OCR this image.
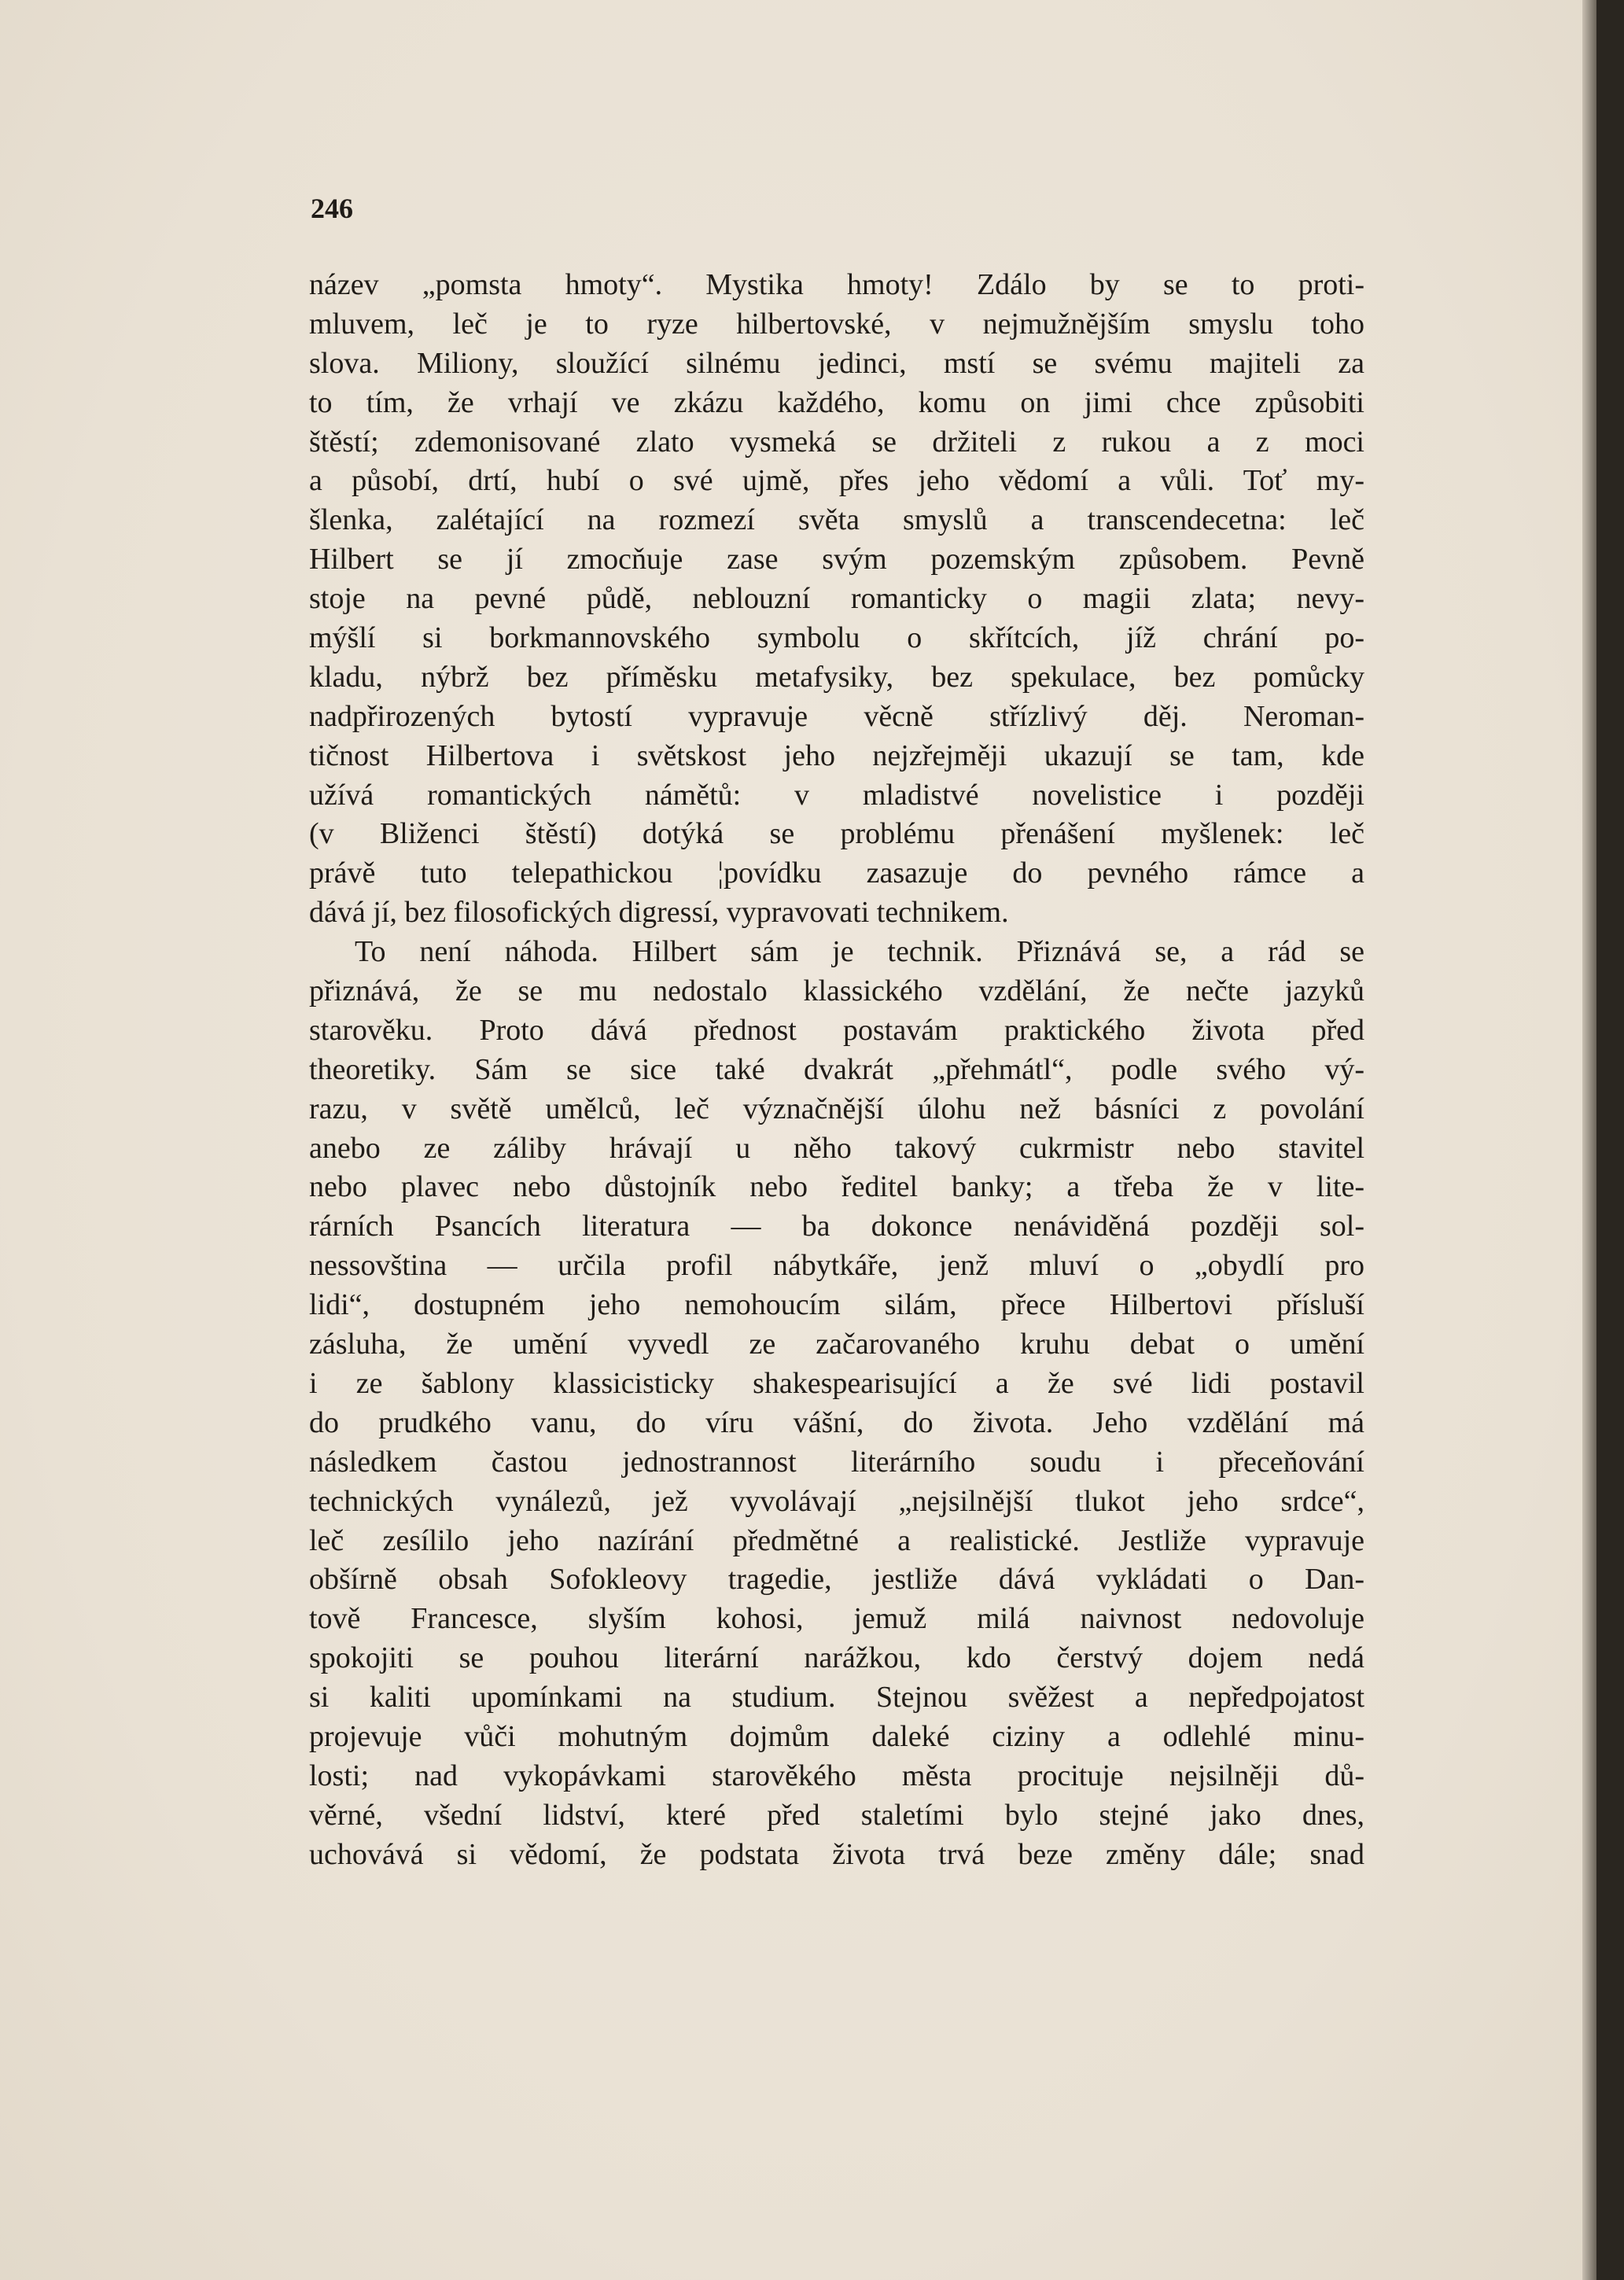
246

název „pomsta hmoty“. Mystika hmoty! Zdálo by se to proti-
mluvem, leč je to ryze hilbertovské, v nejmužnějším smyslu toho
slova. Miliony, sloužící silnému jedinci, mstí se svému majiteli za
to tím, že vrhají ve zkázu každého, komu on jimi chce způsobiti
štěstí; zdemonisované zlato vysmeká se držiteli z rukou a z moci
a působí, drtí, hubí o své ujmě, přes jeho vědomí a vůli. Toť my-
šlenka, zalétající na rozmezí světa smyslů a transcendecetna: leč
Hilbert se jí zmocňuje zase svým pozemským způsobem. Pevně
stoje na pevné půdě, neblouzní romanticky o magii zlata; nevy-
mýšlí si borkmannovského symbolu o skřítcích, jíž chrání po-
kladu, nýbrž bez příměsku metafysiky, bez spekulace, bez pomůcky
nadpřirozených bytostí vypravuje věcně střízlivý děj. Neroman-
tičnost Hilbertova i světskost jeho nejzřejměji ukazují se tam, kde
užívá romantických námětů: v mladistvé novelistice i později
(v Bliženci štěstí) dotýká se problému přenášení myšlenek: leč
právě tuto telepathickou ¦povídku zasazuje do pevného rámce a
dává jí, bez filosofických digressí, vypravovati technikem.
To není náhoda. Hilbert sám je technik. Přiznává se, a rád se
přiznává, že se mu nedostalo klassického vzdělání, že nečte jazyků
starověku. Proto dává přednost postavám praktického života před
theoretiky. Sám se sice také dvakrát „přehmátl“, podle svého vý-
razu, v světě umělců, leč význačnější úlohu než básníci z povolání
anebo ze záliby hrávají u něho takový cukrmistr nebo stavitel
nebo plavec nebo důstojník nebo ředitel banky; a třeba že v lite-
rárních Psancích literatura — ba dokonce nenáviděná později sol-
nessovština — určila profil nábytkáře, jenž mluví o „obydlí pro
lidi“, dostupném jeho nemohoucím silám, přece Hilbertovi přísluší
zásluha, že umění vyvedl ze začarovaného kruhu debat o umění
i ze šablony klassicisticky shakespearisující a že své lidi postavil
do prudkého vanu, do víru vášní, do života. Jeho vzdělání má
následkem častou jednostrannost literárního soudu i přeceňování
technických vynálezů, jež vyvolávají „nejsilnější tlukot jeho srdce“,
leč zesílilo jeho nazírání předmětné a realistické. Jestliže vypravuje
obšírně obsah Sofokleovy tragedie, jestliže dává vykládati o Dan-
tově Francesce, slyším kohosi, jemuž milá naivnost nedovoluje
spokojiti se pouhou literární narážkou, kdo čerstvý dojem nedá
si kaliti upomínkami na studium. Stejnou svěžest a nepředpojatost
projevuje vůči mohutným dojmům daleké ciziny a odlehlé minu-
losti; nad vykopávkami starověkého města procituje nejsilněji dů-
věrné, všední lidství, které před staletími bylo stejné jako dnes,
uchovává si vědomí, že podstata života trvá beze změny dále; snad
